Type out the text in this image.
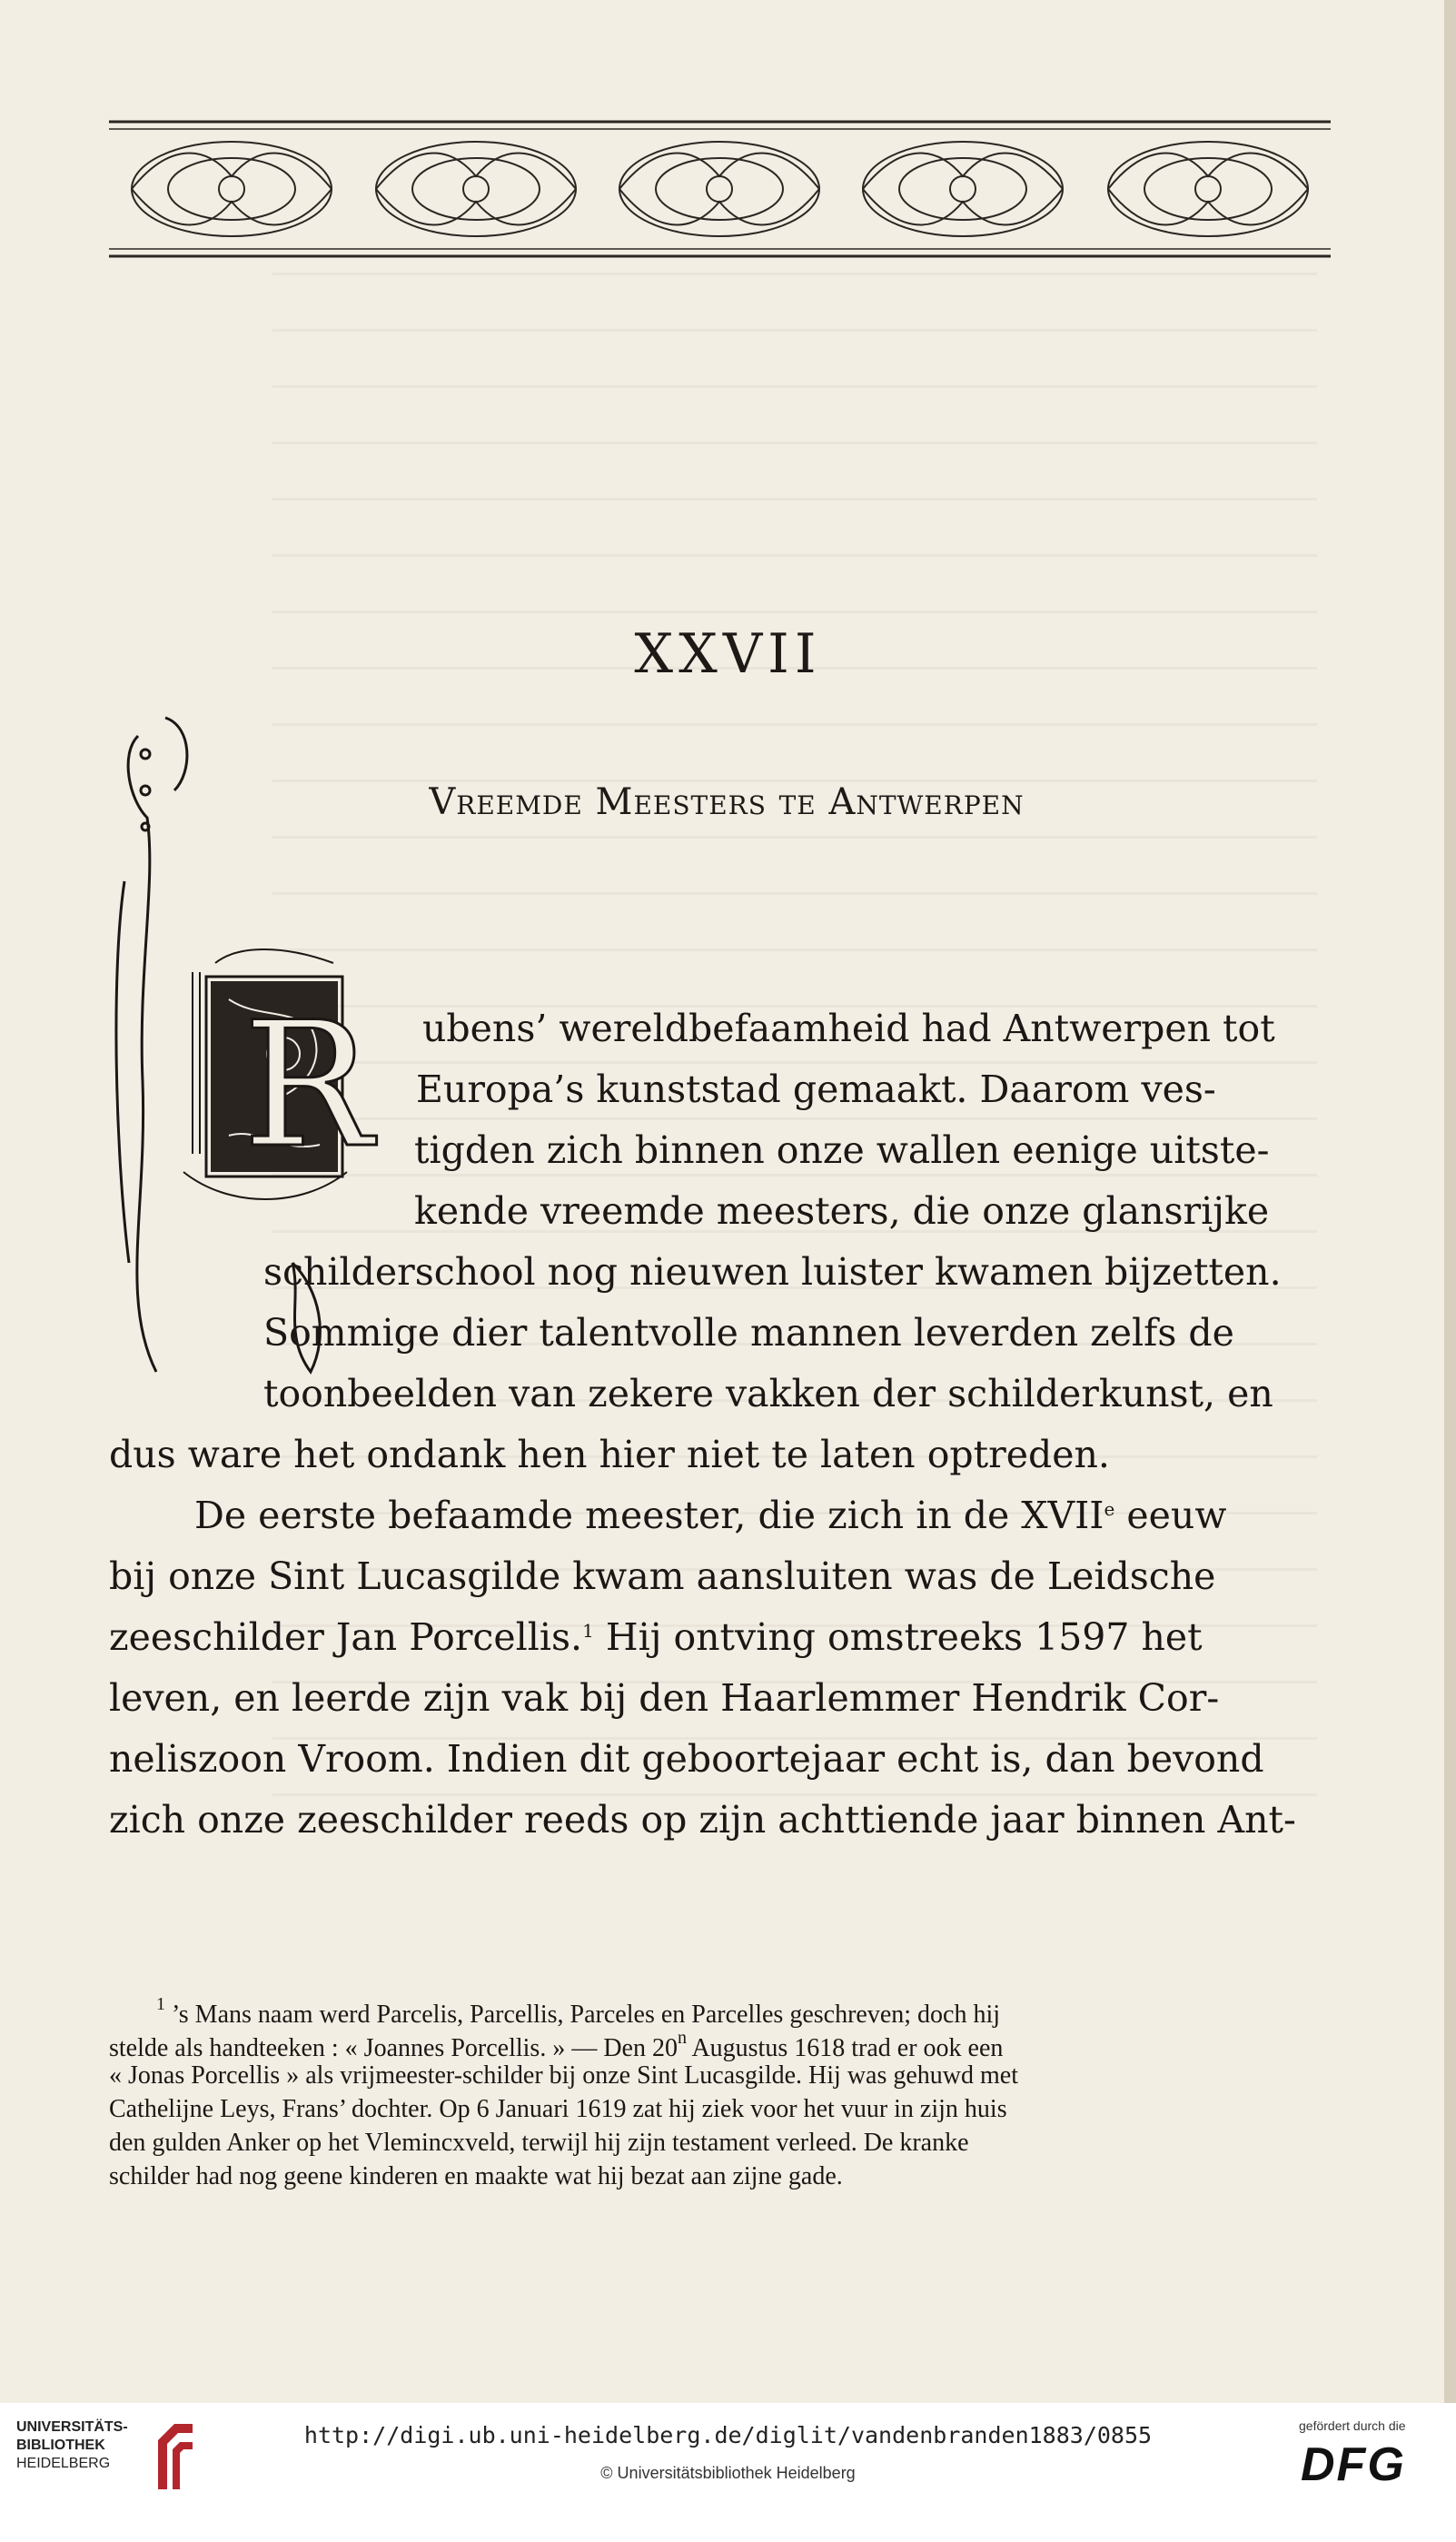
XXVII
Vreemde Meesters te Antwerpen
R ubens’ wereldbefaamheid had Antwerpen tot
Europa’s kunststad gemaakt. Daarom ves-
tigden zich binnen onze wallen eenige uitste-
kende vreemde meesters, die onze glansrijke
schilderschool nog nieuwen luister kwamen bijzetten.
Sommige dier talentvolle mannen leverden zelfs de
toonbeelden van zekere vakken der schilderkunst, en
dus ware het ondank hen hier niet te laten optreden.
De eerste befaamde meester, die zich in de XVIIe eeuw
bij onze Sint Lucasgilde kwam aansluiten was de Leidsche
zeeschilder Jan Porcellis.$^1$ Hij ontving omstreeks 1597 het
leven, en leerde zijn vak bij den Haarlemmer Hendrik Cor-
neliszoon Vroom. Indien dit geboortejaar echt is, dan bevond
zich onze zeeschilder reeds op zijn achttiende jaar binnen Ant-
$^1$ ’s Mans naam werd Parcelis, Parcellis, Parceles en Parcelles geschreven; doch hij
stelde als handteeken : « Joannes Porcellis. » — Den 20$^n$ Augustus 1618 trad er ook een
« Jonas Porcellis » als vrijmeester-schilder bij onze Sint Lucasgilde. Hij was gehuwd met
Cathelijne Leys, Frans’ dochter. Op 6 Januari 1619 zat hij ziek voor het vuur in zijn huis
den gulden Anker op het Vlemincxveld, terwijl hij zijn testament verleed. De kranke
schilder had nog geene kinderen en maakte wat hij bezat aan zijne gade.
UNIVERSITÄTS-
BIBLIOTHEK
HEIDELBERG
http://digi.ub.uni-heidelberg.de/diglit/vandenbranden1883/0855
© Universitätsbibliothek Heidelberg
gefördert durch die
DFG
